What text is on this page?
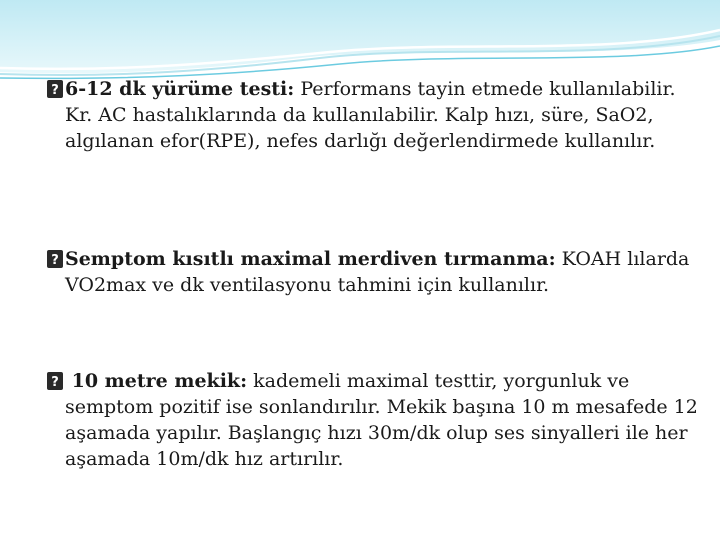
?6-12 dk yürüme testi: Performans tayin etmede kullanılabilir. Kr. AC hastalıklarında da kullanılabilir. Kalp hızı, süre, SaO2, algılanan efor(RPE), nefes darlığı değerlendirmede kullanılır.
?Semptom kısıtlı maximal merdiven tırmanma: KOAH lılarda VO2max ve dk ventilasyonu tahmini için kullanılır.
? 10 metre mekik: kademeli maximal testtir, yorgunluk ve semptom pozitif ise sonlandırılır. Mekik başına 10 m mesafede 12 aşamada yapılır. Başlangıç hızı 30m/dk olup ses sinyalleri ile her aşamada 10m/dk hız artırılır.
